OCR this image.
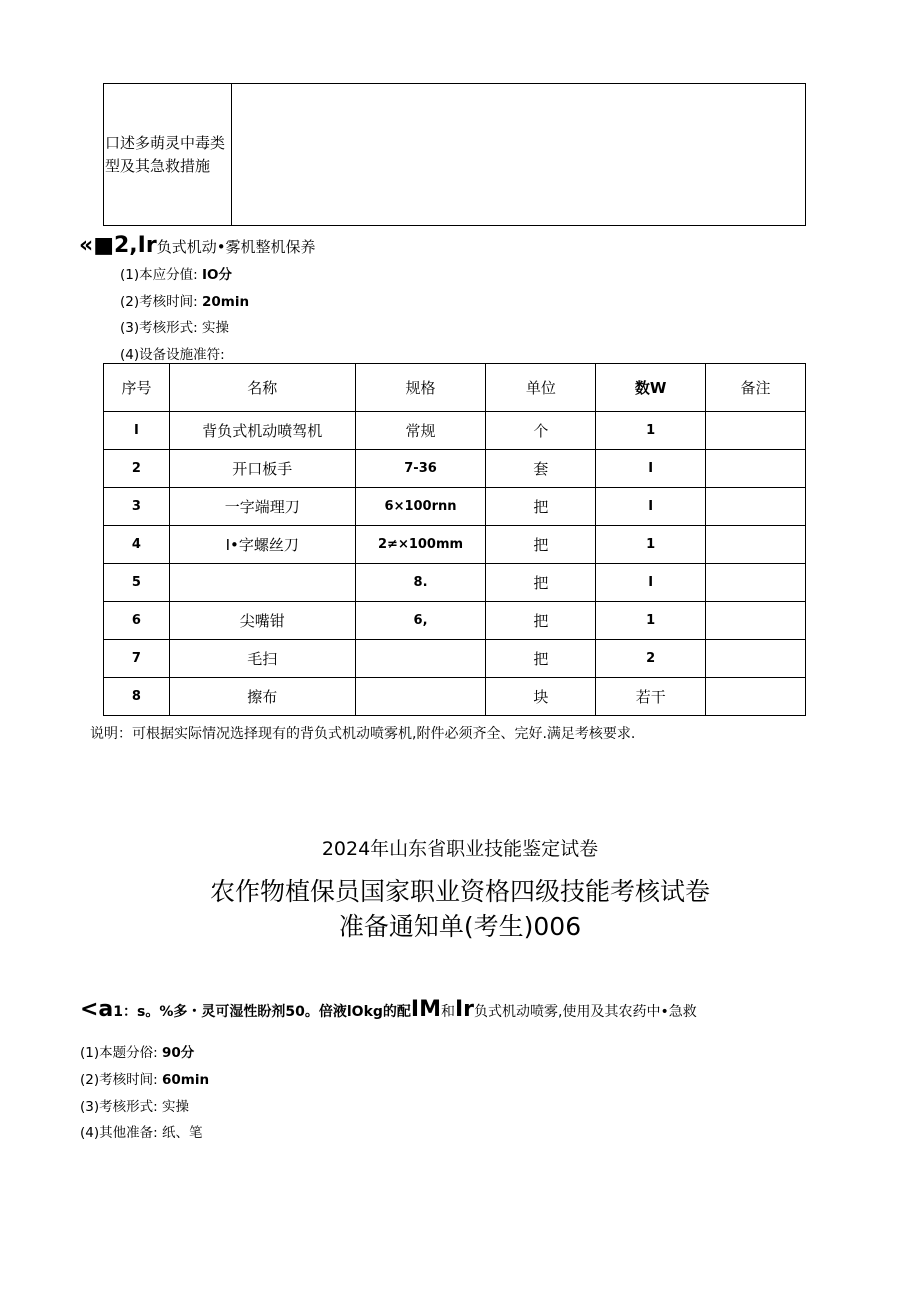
口述多萌灵中毒类
型及其急救措施

«■2,Ir负式机动•雾机整机保养
(1)本应分值: IO分
(2)考核时间: 20min
(3)考核形式: 实操
(4)设备设施准符:
序号	名称	规格	单位	数W	备注
I	背负式机动喷驾机	常规	个	1	
2	开口板手	7-36	套	I	
3	一字端理刀	6×100rnn	把	I	
4	I•字螺丝刀	2≠×100mm	把	1	
5		8.	把	I	
6	尖嘴钳	6,	把	1	
7	毛扫		把	2	
8	擦布		块	若干	
说明：可根据实际情况选择现有的背负式机动喷雾机,附件必须齐全、完好.满足考核要求.
2024年山东省职业技能鉴定试卷
农作物植保员国家职业资格四级技能考核试卷
准备通知单(考生)006
<a1：s。%多・灵可湿性盼剂50。倍液lOkg的配IM和Ir负式机动喷雾,使用及其农药中•急救
(1)本题分俗: 90分
(2)考核时间: 60min
(3)考核形式: 实操
(4)其他准备: 纸、笔
